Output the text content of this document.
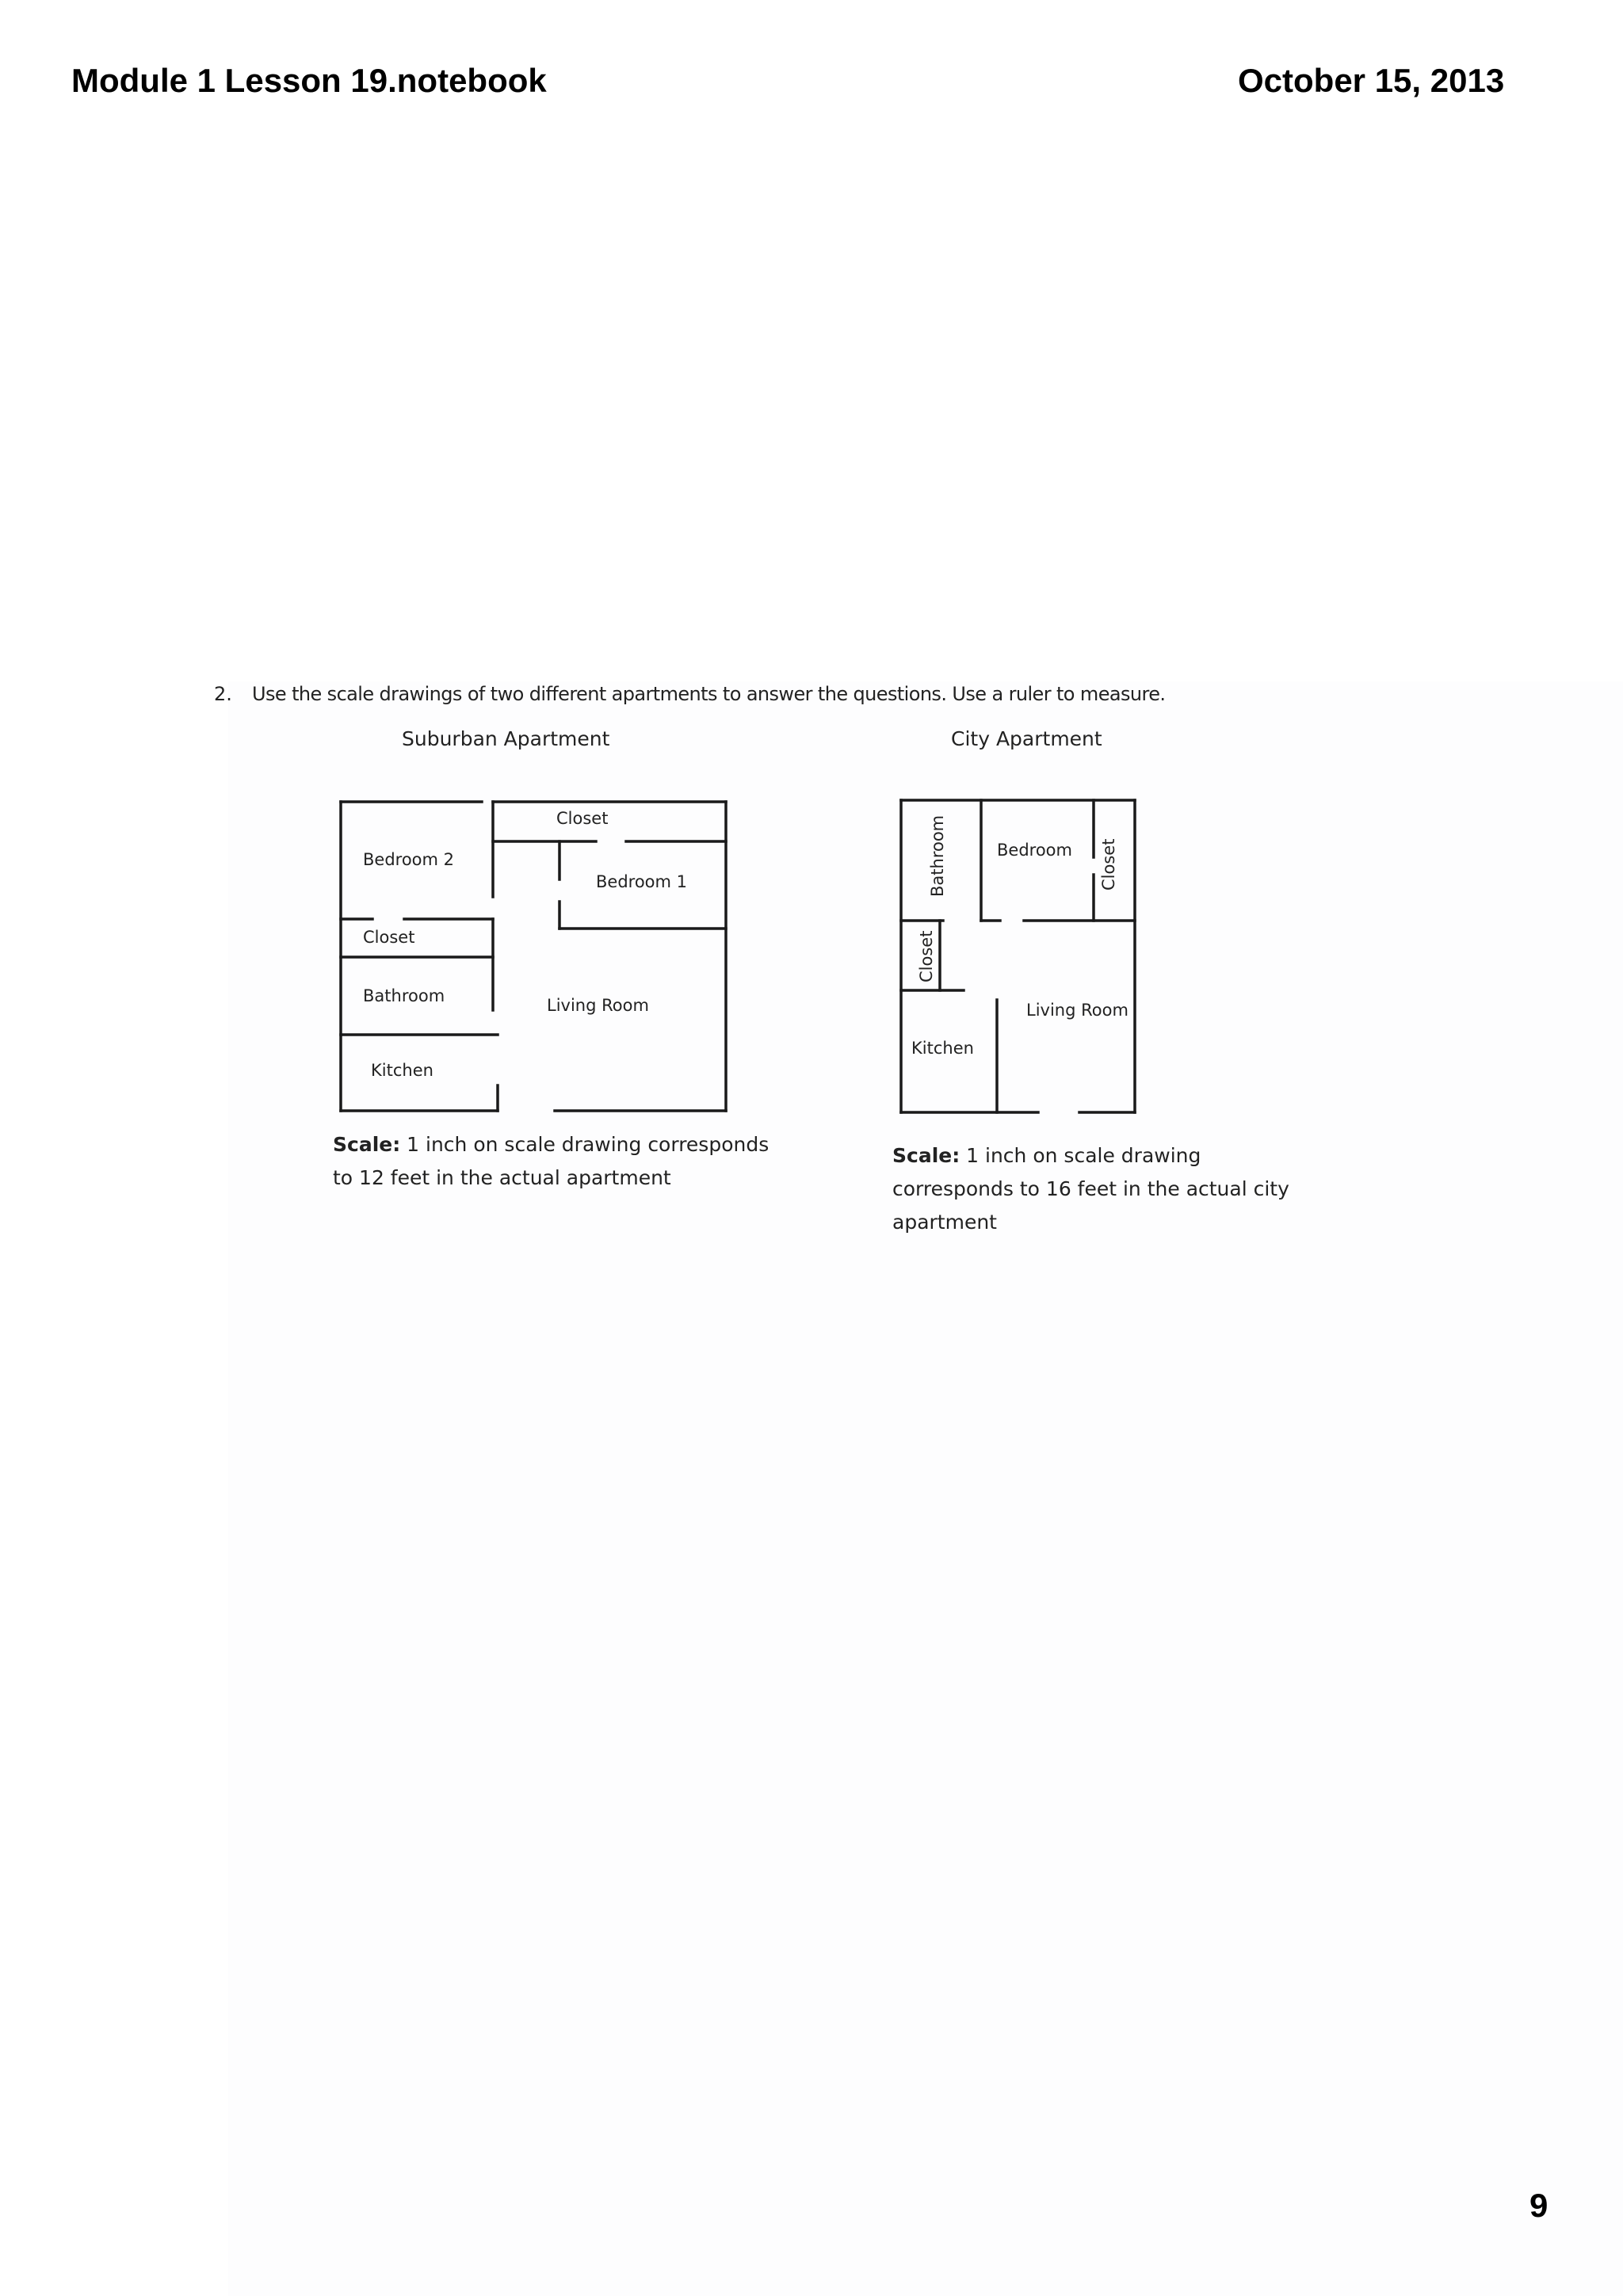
Module 1 Lesson 19.notebook	October 15, 2013
2. Use the scale drawings of two different apartments to answer the questions. Use a ruler to measure.
Suburban Apartment	City Apartment
Closet
Bedroom 2
Bedroom 1
Closet
Bathroom	Living Room
Kitchen
Bathroom	Bedroom Closet
Closet
Living Room
Kitchen
Scale: 1 inch on scale drawing corresponds
to 12 feet in the actual apartment
Scale: 1 inch on scale drawing
corresponds to 16 feet in the actual city
apartment
9
